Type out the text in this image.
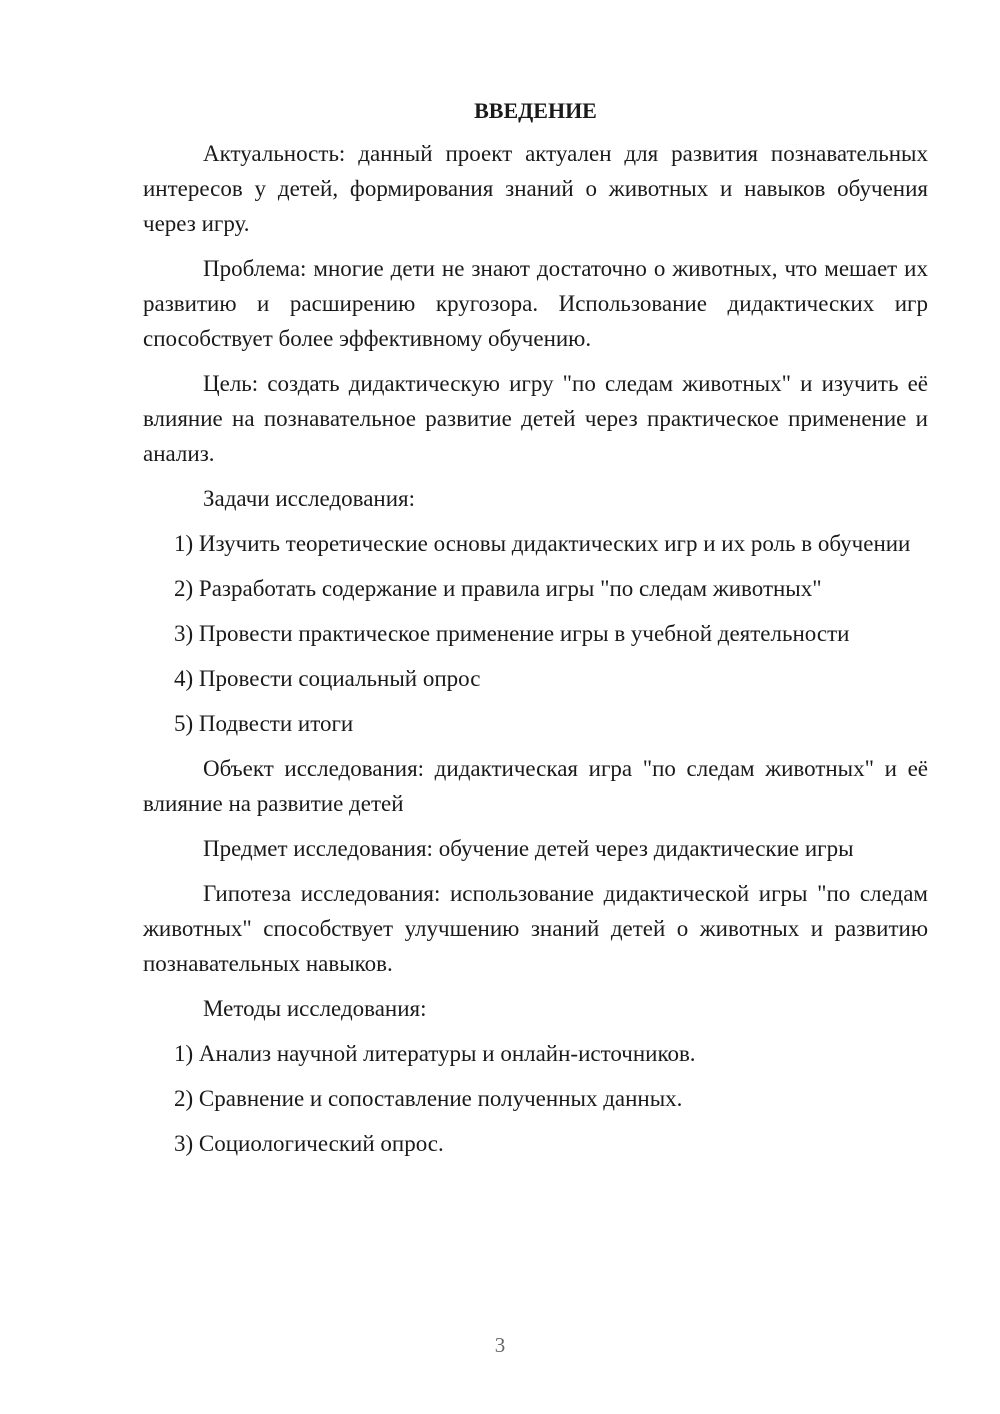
ВВЕДЕНИЕ
Актуальность: данный проект актуален для развития познавательных интересов у детей, формирования знаний о животных и навыков обучения через игру.
Проблема: многие дети не знают достаточно о животных, что мешает их развитию и расширению кругозора. Использование дидактических игр способствует более эффективному обучению.
Цель: создать дидактическую игру "по следам животных" и изучить её влияние на познавательное развитие детей через практическое применение и анализ.
Задачи исследования:
1) Изучить теоретические основы дидактических игр и их роль в обучении
2) Разработать содержание и правила игры "по следам животных"
3) Провести практическое применение игры в учебной деятельности
4) Провести социальный опрос
5) Подвести итоги
Объект исследования: дидактическая игра "по следам животных" и её влияние на развитие детей
Предмет исследования: обучение детей через дидактические игры
Гипотеза исследования: использование дидактической игры "по следам животных" способствует улучшению знаний детей о животных и развитию познавательных навыков.
Методы исследования:
1) Анализ научной литературы и онлайн-источников.
2) Сравнение и сопоставление полученных данных.
3) Социологический опрос.
3
